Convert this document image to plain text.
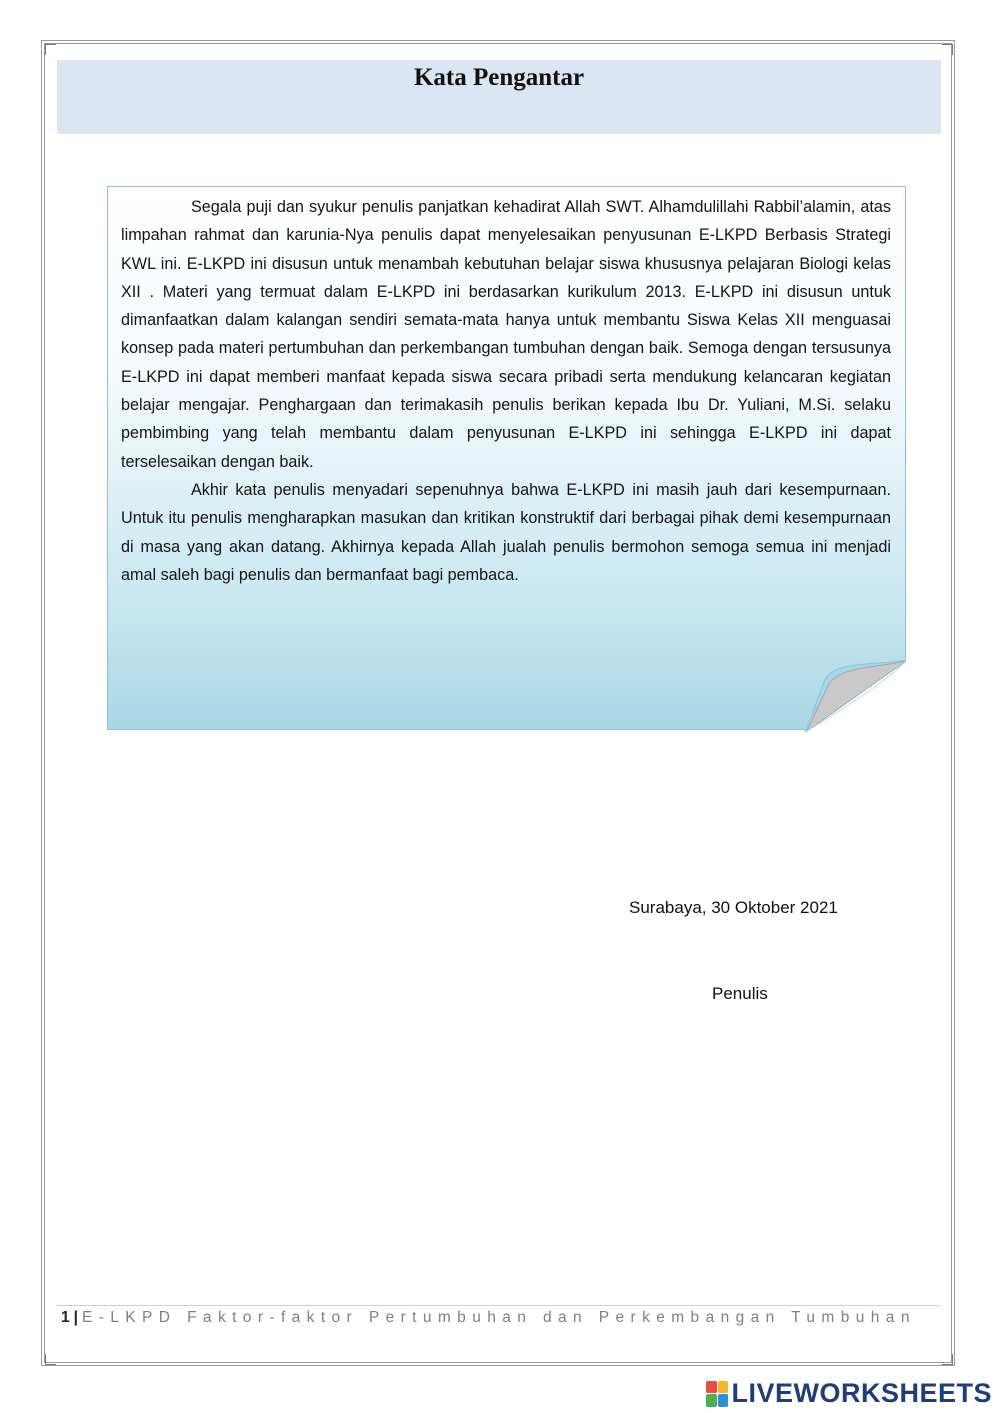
Kata Pengantar

Segala puji dan syukur penulis panjatkan kehadirat Allah SWT. Alhamdulillahi Rabbil’alamin, atas limpahan rahmat dan karunia-Nya penulis dapat menyelesaikan penyusunan E-LKPD Berbasis Strategi KWL ini. E-LKPD ini disusun untuk menambah kebutuhan belajar siswa khususnya pelajaran Biologi kelas XII . Materi yang termuat dalam E-LKPD ini berdasarkan kurikulum 2013. E-LKPD ini disusun untuk dimanfaatkan dalam kalangan sendiri semata-mata hanya untuk membantu Siswa Kelas XII menguasai konsep pada materi pertumbuhan dan perkembangan tumbuhan dengan baik. Semoga dengan tersusunya E-LKPD ini dapat memberi manfaat kepada siswa secara pribadi serta mendukung kelancaran kegiatan belajar mengajar. Penghargaan dan terimakasih penulis berikan kepada Ibu Dr. Yuliani, M.Si. selaku pembimbing yang telah membantu dalam penyusunan E-LKPD ini sehingga E-LKPD ini dapat terselesaikan dengan baik.

Akhir kata penulis menyadari sepenuhnya bahwa E-LKPD ini masih jauh dari kesempurnaan. Untuk itu penulis mengharapkan masukan dan kritikan konstruktif dari berbagai pihak demi kesempurnaan di masa yang akan datang. Akhirnya kepada Allah jualah penulis bermohon semoga semua ini menjadi amal saleh bagi penulis dan bermanfaat bagi pembaca.

Surabaya, 30 Oktober 2021
Penulis
1 | E-LKPD Faktor-faktor Pertumbuhan dan Perkembangan Tumbuhan
LIVEWORKSHEETS
